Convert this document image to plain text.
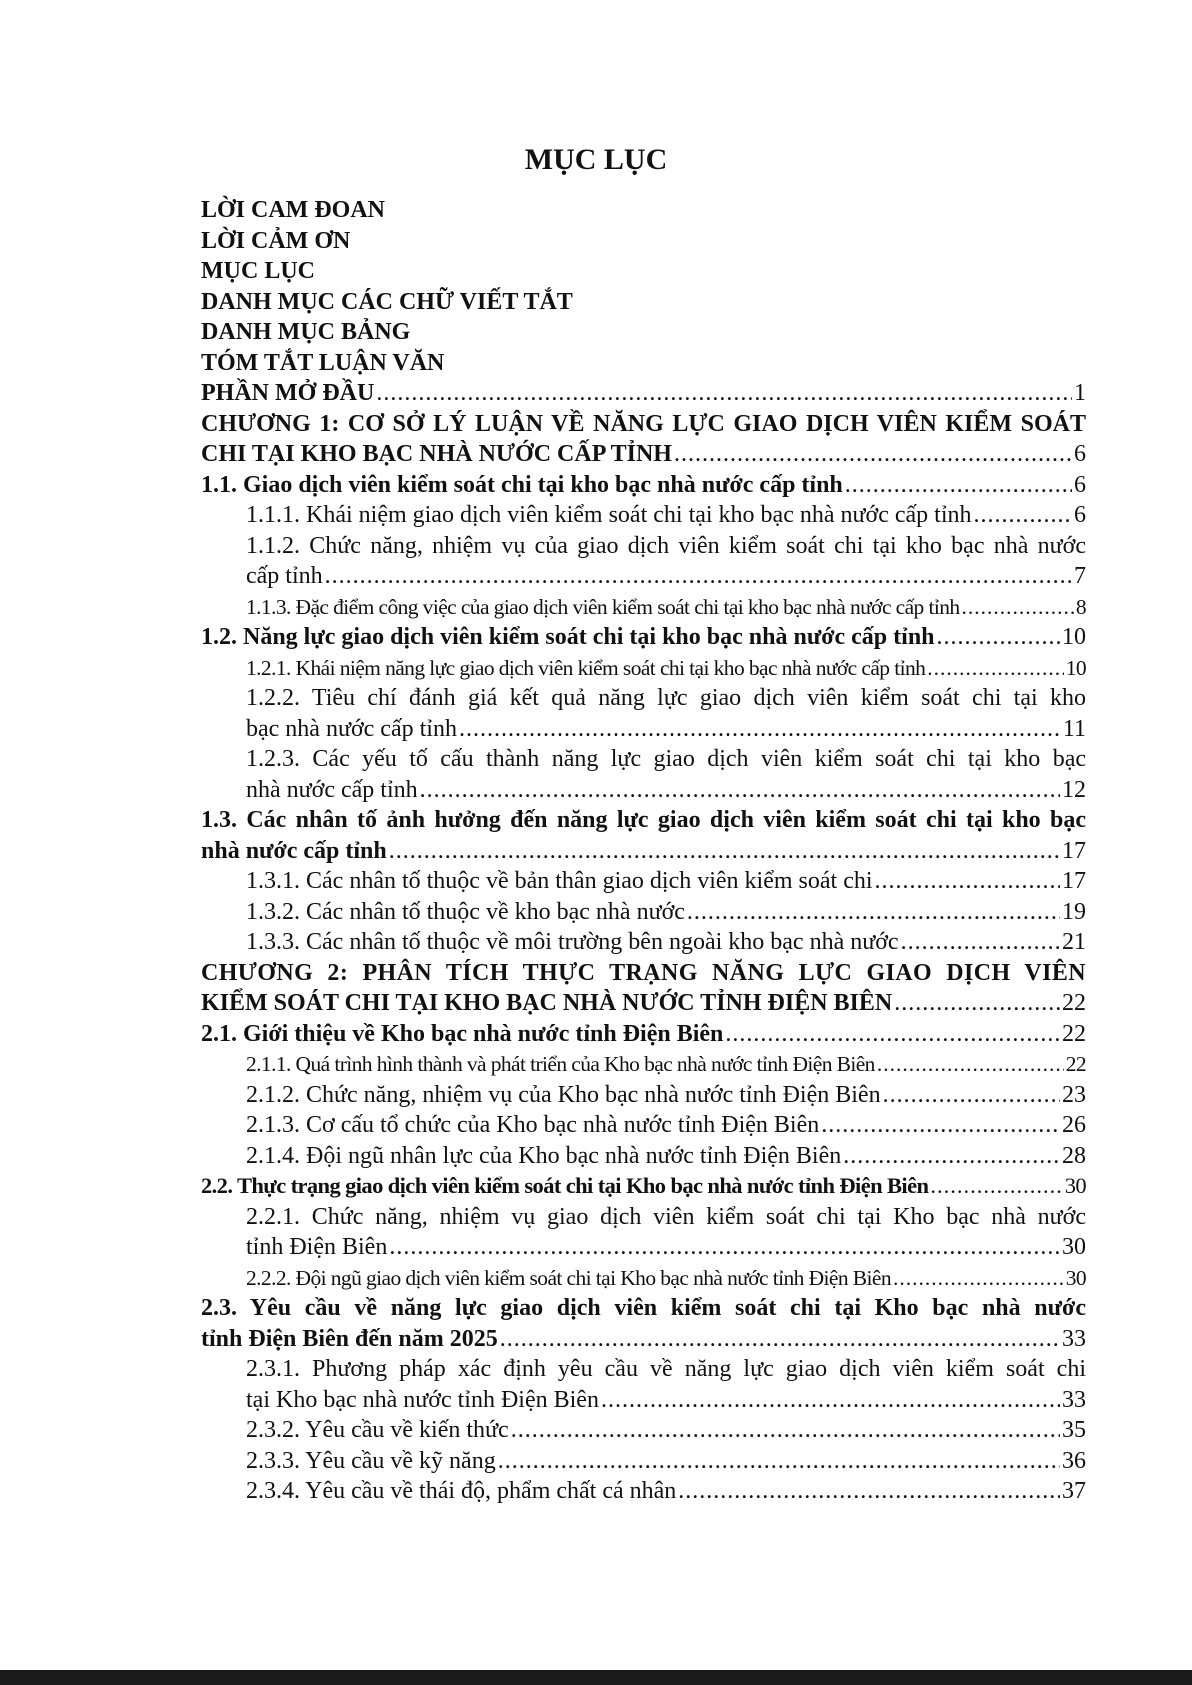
MỤC LỤC
LỜI CAM ĐOAN
LỜI CẢM ƠN
MỤC LỤC
DANH MỤC CÁC CHỮ VIẾT TẮT
DANH MỤC BẢNG
TÓM TẮT LUẬN VĂN
PHẦN MỞ ĐẦU .....	1
CHƯƠNG 1: CƠ SỞ LÝ LUẬN VỀ NĂNG LỰC GIAO DỊCH VIÊN KIỂM SOÁT
CHI TẠI KHO BẠC NHÀ NƯỚC CẤP TỈNH .....	6
1.1. Giao dịch viên kiểm soát chi tại kho bạc nhà nước cấp tỉnh .....	6
1.1.1. Khái niệm giao dịch viên kiểm soát chi tại kho bạc nhà nước cấp tỉnh .....	6
1.1.2. Chức năng, nhiệm vụ của giao dịch viên kiểm soát chi tại kho bạc nhà nước
cấp tỉnh .....	7
1.1.3. Đặc điểm công việc của giao dịch viên kiểm soát chi tại kho bạc nhà nước cấp tỉnh .....	8
1.2. Năng lực giao dịch viên kiểm soát chi tại kho bạc nhà nước cấp tỉnh .....	10
1.2.1. Khái niệm năng lực giao dịch viên kiểm soát chi tại kho bạc nhà nước cấp tỉnh .....	10
1.2.2. Tiêu chí đánh giá kết quả năng lực giao dịch viên kiểm soát chi tại kho
bạc nhà nước cấp tỉnh .....	11
1.2.3. Các yếu tố cấu thành năng lực giao dịch viên kiểm soát chi tại kho bạc
nhà nước cấp tỉnh .....	12
1.3. Các nhân tố ảnh hưởng đến năng lực giao dịch viên kiểm soát chi tại kho bạc
nhà nước cấp tỉnh .....	17
1.3.1. Các nhân tố thuộc về bản thân giao dịch viên kiểm soát chi .....	17
1.3.2. Các nhân tố thuộc về kho bạc nhà nước .....	19
1.3.3. Các nhân tố thuộc về môi trường bên ngoài kho bạc nhà nước .....	21
CHƯƠNG 2: PHÂN TÍCH THỰC TRẠNG NĂNG LỰC GIAO DỊCH VIÊN
KIỂM SOÁT CHI TẠI KHO BẠC NHÀ NƯỚC TỈNH ĐIỆN BIÊN .....	22
2.1. Giới thiệu về Kho bạc nhà nước tỉnh Điện Biên .....	22
2.1.1. Quá trình hình thành và phát triển của Kho bạc nhà nước tỉnh Điện Biên .....	22
2.1.2. Chức năng, nhiệm vụ của Kho bạc nhà nước tỉnh Điện Biên .....	23
2.1.3. Cơ cấu tổ chức của Kho bạc nhà nước tỉnh Điện Biên .....	26
2.1.4. Đội ngũ nhân lực của Kho bạc nhà nước tỉnh Điện Biên .....	28
2.2. Thực trạng giao dịch viên kiểm soát chi tại Kho bạc nhà nước tỉnh Điện Biên .....	30
2.2.1. Chức năng, nhiệm vụ giao dịch viên kiểm soát chi tại Kho bạc nhà nước
tỉnh Điện Biên .....	30
2.2.2. Đội ngũ giao dịch viên kiểm soát chi tại Kho bạc nhà nước tỉnh Điện Biên .....	30
2.3. Yêu cầu về năng lực giao dịch viên kiểm soát chi tại Kho bạc nhà nước
tỉnh Điện Biên đến năm 2025 .....	33
2.3.1. Phương pháp xác định yêu cầu về năng lực giao dịch viên kiểm soát chi
tại Kho bạc nhà nước tỉnh Điện Biên .....	33
2.3.2. Yêu cầu về kiến thức .....	35
2.3.3. Yêu cầu về kỹ năng .....	36
2.3.4. Yêu cầu về thái độ, phẩm chất cá nhân .....	37
